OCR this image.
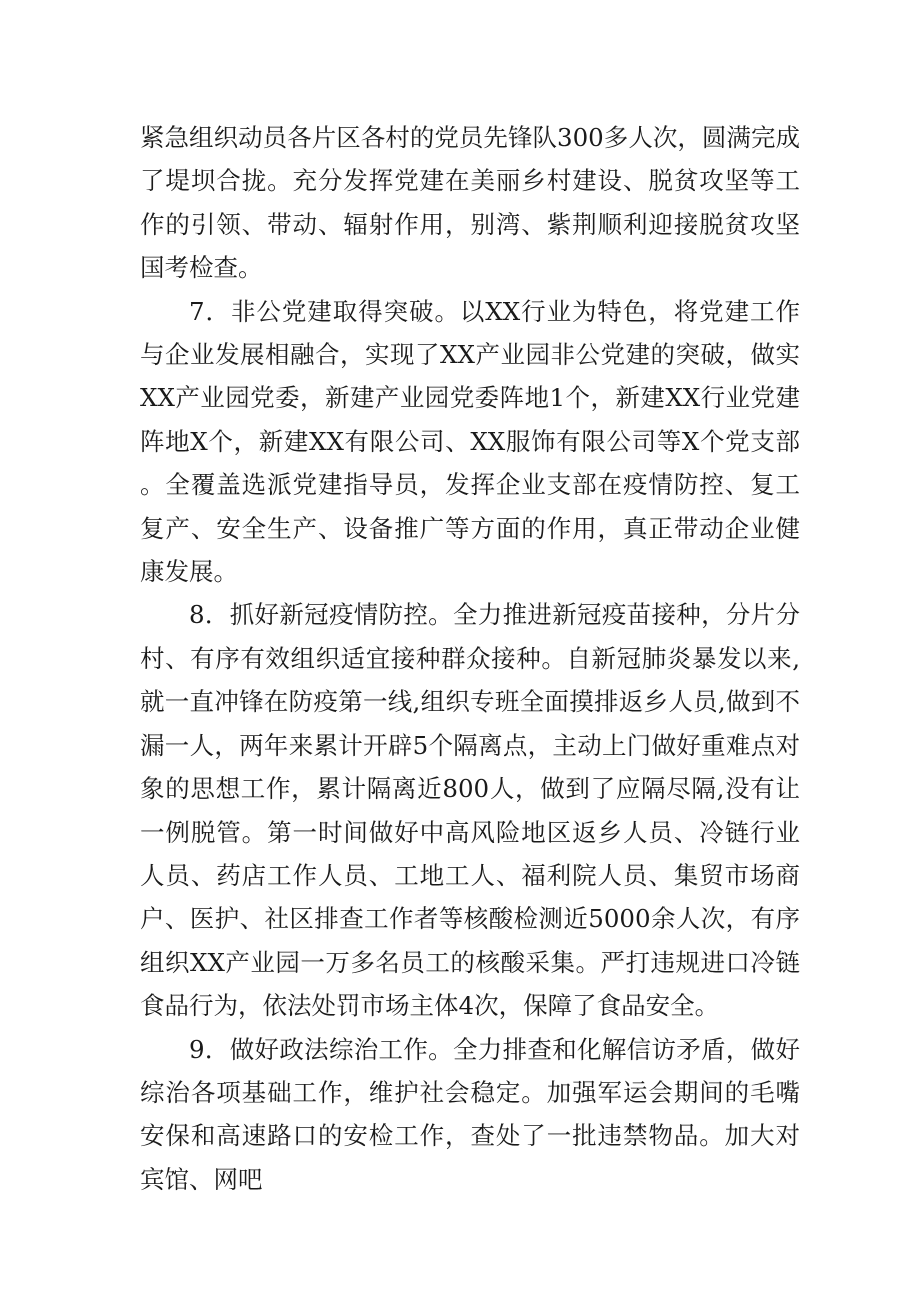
紧急组织动员各片区各村的党员先锋队300多人次，圆满完成了堤坝合拢。充分发挥党建在美丽乡村建设、脱贫攻坚等工作的引领、带动、辐射作用，别湾、紫荆顺利迎接脱贫攻坚国考检查。

7．非公党建取得突破。以XX行业为特色，将党建工作与企业发展相融合，实现了XX产业园非公党建的突破，做实XX产业园党委，新建产业园党委阵地1个，新建XX行业党建阵地X个，新建XX有限公司、XX服饰有限公司等X个党支部。全覆盖选派党建指导员，发挥企业支部在疫情防控、复工复产、安全生产、设备推广等方面的作用，真正带动企业健康发展。

8．抓好新冠疫情防控。全力推进新冠疫苗接种，分片分村、有序有效组织适宜接种群众接种。自新冠肺炎暴发以来,就一直冲锋在防疫第一线,组织专班全面摸排返乡人员,做到不漏一人，两年来累计开辟5个隔离点，主动上门做好重难点对象的思想工作，累计隔离近800人，做到了应隔尽隔,没有让一例脱管。第一时间做好中高风险地区返乡人员、冷链行业人员、药店工作人员、工地工人、福利院人员、集贸市场商户、医护、社区排查工作者等核酸检测近5000余人次，有序组织XX产业园一万多名员工的核酸采集。严打违规进口冷链食品行为，依法处罚市场主体4次，保障了食品安全。

9．做好政法综治工作。全力排查和化解信访矛盾，做好综治各项基础工作，维护社会稳定。加强军运会期间的毛嘴安保和高速路口的安检工作，查处了一批违禁物品。加大对宾馆、网吧
